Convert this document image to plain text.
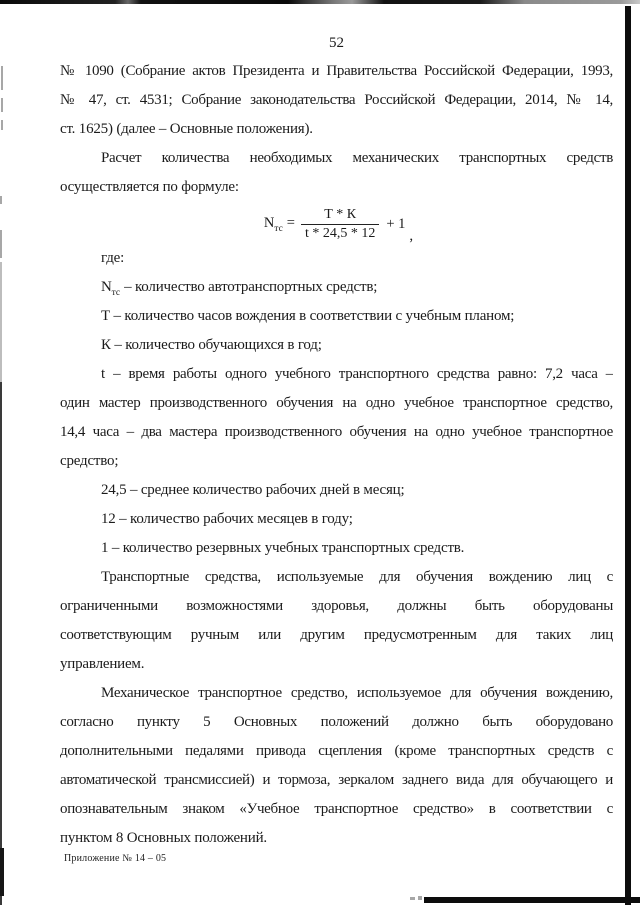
52
№ 1090 (Собрание актов Президента и Правительства Российской Федерации, 1993,
№ 47, ст. 4531; Собрание законодательства Российской Федерации, 2014, № 14,
ст. 1625) (далее – Основные положения).
Расчет количества необходимых механических транспортных средств
осуществляется по формуле:
$N_{тс} = \frac{Т * К}{t * 24,5 * 12} + 1$
,
где:
$N_{тс}$ – количество автотранспортных средств;
Т – количество часов вождения в соответствии с учебным планом;
К – количество обучающихся в год;
t – время работы одного учебного транспортного средства равно: 7,2 часа –
один мастер производственного обучения на одно учебное транспортное средство,
14,4 часа – два мастера производственного обучения на одно учебное транспортное
средство;
24,5 – среднее количество рабочих дней в месяц;
12 – количество рабочих месяцев в году;
1 – количество резервных учебных транспортных средств.
Транспортные средства, используемые для обучения вождению лиц с
ограниченными возможностями здоровья, должны быть оборудованы
соответствующим ручным или другим предусмотренным для таких лиц
управлением.
Механическое транспортное средство, используемое для обучения вождению,
согласно пункту 5 Основных положений должно быть оборудовано
дополнительными педалями привода сцепления (кроме транспортных средств с
автоматической трансмиссией) и тормоза, зеркалом заднего вида для обучающего и
опознавательным знаком «Учебное транспортное средство» в соответствии с
пунктом 8 Основных положений.
Приложение № 14 – 05
